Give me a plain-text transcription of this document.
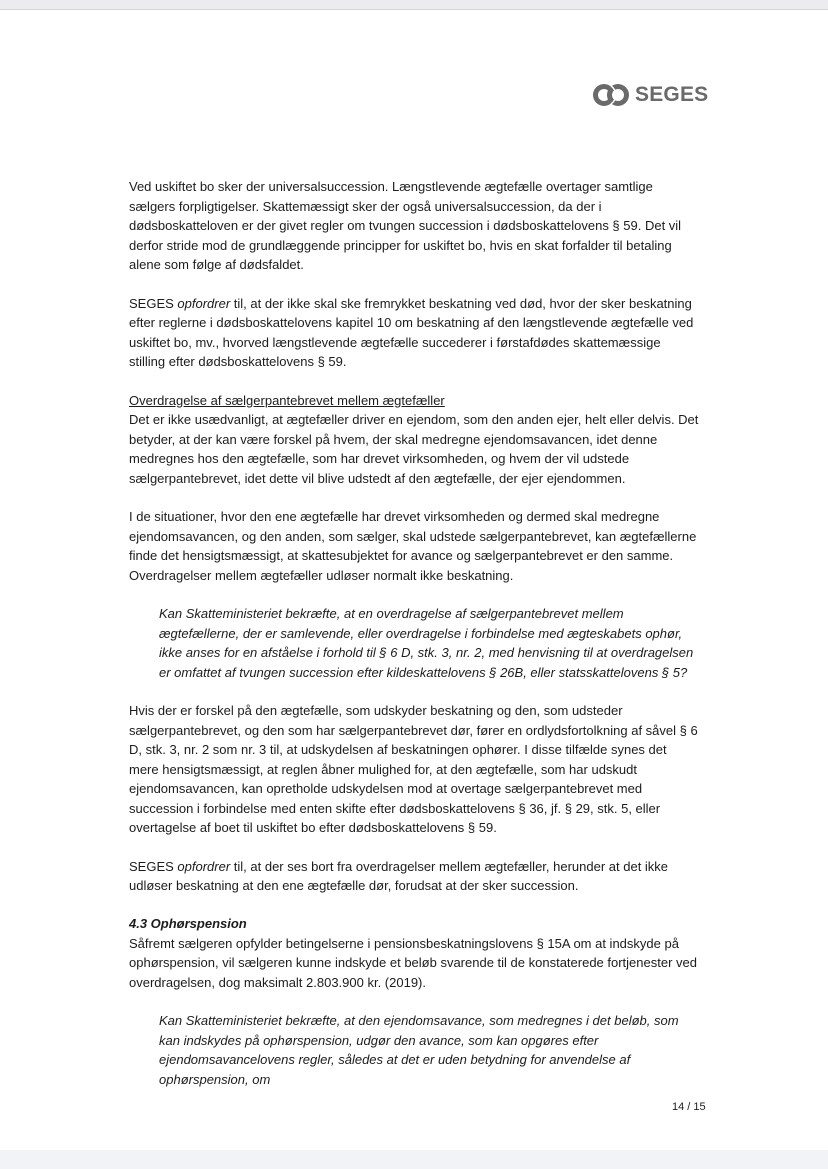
SEGES

Ved uskiftet bo sker der universalsuccession. Længstlevende ægtefælle overtager samtlige sælgers forpligtigelser. Skattemæssigt sker der også universalsuccession, da der i dødsboskatteloven er der givet regler om tvungen succession i dødsboskattelovens § 59. Det vil derfor stride mod de grundlæggende principper for uskiftet bo, hvis en skat forfalder til betaling alene som følge af dødsfaldet.

SEGES opfordrer til, at der ikke skal ske fremrykket beskatning ved død, hvor der sker beskatning efter reglerne i dødsboskattelovens kapitel 10 om beskatning af den længstlevende ægtefælle ved uskiftet bo, mv., hvorved længstlevende ægtefælle succederer i førstafdødes skattemæssige stilling efter dødsboskattelovens § 59.

Overdragelse af sælgerpantebrevet mellem ægtefæller

Det er ikke usædvanligt, at ægtefæller driver en ejendom, som den anden ejer, helt eller delvis. Det betyder, at der kan være forskel på hvem, der skal medregne ejendomsavancen, idet denne medregnes hos den ægtefælle, som har drevet virksomheden, og hvem der vil udstede sælgerpantebrevet, idet dette vil blive udstedt af den ægtefælle, der ejer ejendommen.

I de situationer, hvor den ene ægtefælle har drevet virksomheden og dermed skal medregne ejendomsavancen, og den anden, som sælger, skal udstede sælgerpantebrevet, kan ægtefællerne finde det hensigtsmæssigt, at skattesubjektet for avance og sælgerpantebrevet er den samme. Overdragelser mellem ægtefæller udløser normalt ikke beskatning.

Kan Skatteministeriet bekræfte, at en overdragelse af sælgerpantebrevet mellem ægtefællerne, der er samlevende, eller overdragelse i forbindelse med ægteskabets ophør, ikke anses for en afståelse i forhold til § 6 D, stk. 3, nr. 2, med henvisning til at overdragelsen er omfattet af tvungen succession efter kildeskattelovens § 26B, eller statsskattelovens § 5?

Hvis der er forskel på den ægtefælle, som udskyder beskatning og den, som udsteder sælgerpantebrevet, og den som har sælgerpantebrevet dør, fører en ordlydsfortolkning af såvel § 6 D, stk. 3, nr. 2 som nr. 3 til, at udskydelsen af beskatningen ophører. I disse tilfælde synes det mere hensigtsmæssigt, at reglen åbner mulighed for, at den ægtefælle, som har udskudt ejendomsavancen, kan opretholde udskydelsen mod at overtage sælgerpantebrevet med succession i forbindelse med enten skifte efter dødsboskattelovens § 36, jf. § 29, stk. 5, eller overtagelse af boet til uskiftet bo efter dødsboskattelovens § 59.

SEGES opfordrer til, at der ses bort fra overdragelser mellem ægtefæller, herunder at det ikke udløser beskatning at den ene ægtefælle dør, forudsat at der sker succession.

4.3 Ophørspension

Såfremt sælgeren opfylder betingelserne i pensionsbeskatningslovens § 15A om at indskyde på ophørspension, vil sælgeren kunne indskyde et beløb svarende til de konstaterede fortjenester ved overdragelsen, dog maksimalt 2.803.900 kr. (2019).

Kan Skatteministeriet bekræfte, at den ejendomsavance, som medregnes i det beløb, som kan indskydes på ophørspension, udgør den avance, som kan opgøres efter ejendomsavancelovens regler, således at det er uden betydning for anvendelse af ophørspension, om

14 / 15
